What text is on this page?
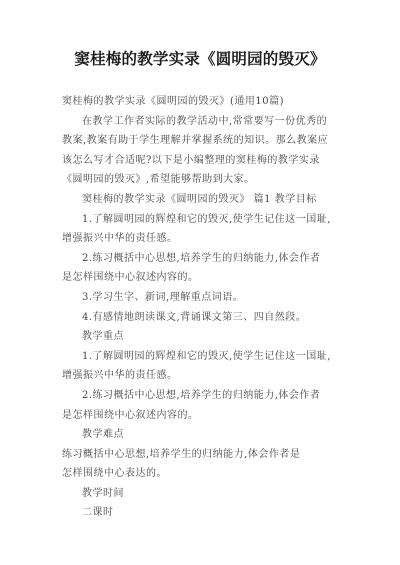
窦桂梅的教学实录《圆明园的毁灭》
窦桂梅的教学实录《圆明园的毁灭》(通用10篇)
在教学工作者实际的教学活动中,常常要写一份优秀的
教案,教案有助于学生理解并掌握系统的知识。那么教案应
该怎么写才合适呢?以下是小编整理的窦桂梅的教学实录
《圆明园的毁灭》,希望能够帮助到大家。
窦桂梅的教学实录《圆明园的毁灭》 篇1 教学目标
1.了解圆明园的辉煌和它的毁灭,使学生记住这一国耻,
增强振兴中华的责任感。
2.练习概括中心思想,培养学生的归纳能力,体会作者
是怎样围绕中心叙述内容的。
3.学习生字、新词,理解重点词语。
4.有感情地朗读课文,背诵课文第三、四自然段。
教学重点
1.了解圆明园的辉煌和它的毁灭,使学生记住这一国耻,
增强振兴中华的责任感。
2.练习概括中心思想,培养学生的归纳能力,体会作者
是怎样围绕中心叙述内容的。
教学难点
练习概括中心思想,培养学生的归纳能力,体会作者是
怎样围绕中心表达的。
教学时间
二课时
